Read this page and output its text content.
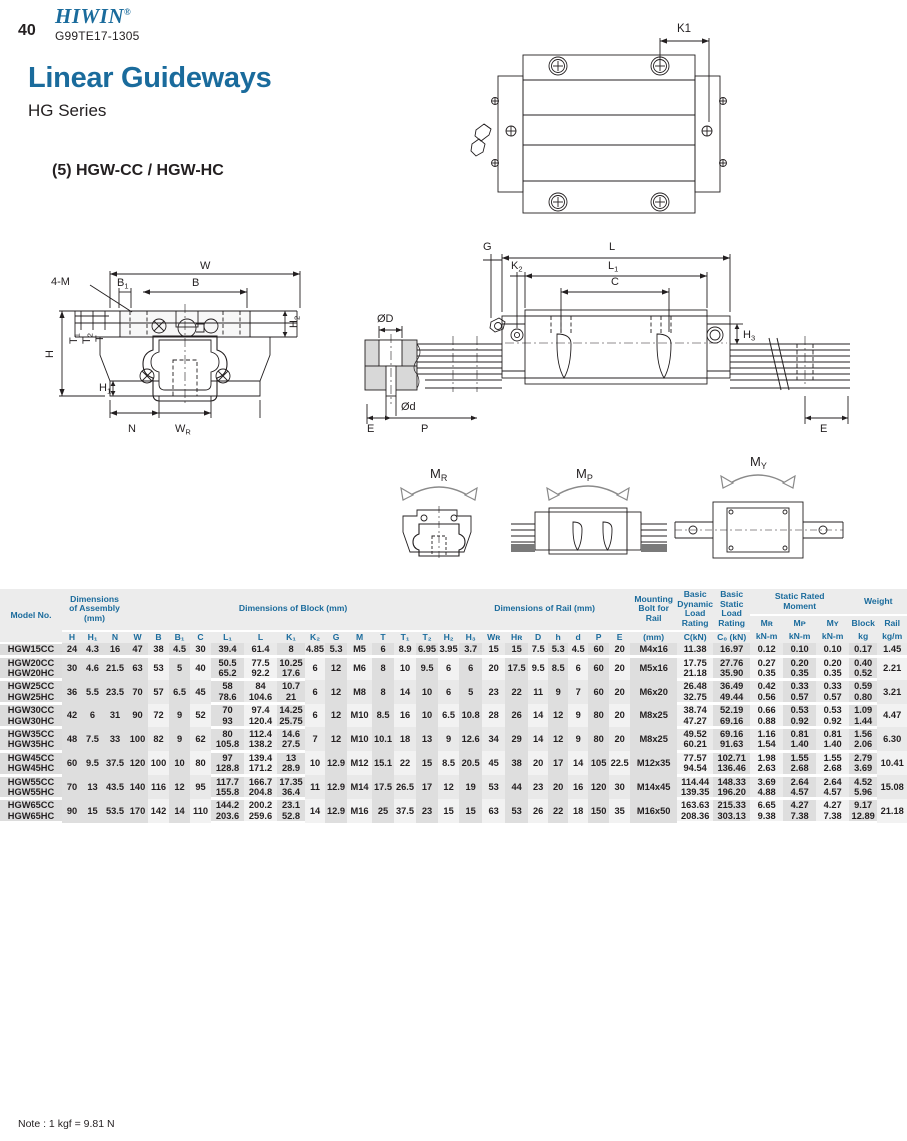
40
HIWIN®
G99TE17-1305
Linear Guideways
HG Series
(5) HGW-CC / HGW-HC
K1
4-M
W
$B_1$	B
$T_1$
$T_2$
T
H
$H_1$
$H_2$
N	$W_R$
G
$K_2$
L
$L_1$
C
$H_3$
ØD
Ød
E	P	E
$M_R$	$M_P$
$M_Y$
Model No.	
Dimensions
of Assembly
(mm)
	Dimensions of Block (mm)	Dimensions of Rail (mm)	
Mounting
Bolt for
Rail

Basic
Dynamic
Load
Rating

Basic
Static
Load
Rating

Static Rated
Moment	Weight
																													Mʀ	Mᴘ	Mʏ	Block	Rail
	H	H₁	N	W	B	B₁	C	L₁	L	K₁	K₂	G	M	T	T₁	T₂	H₂	H₃	Wʀ	Hʀ	D	h	d	P	E	(mm)	C(kN)	C₀ (kN)	kN-m	kN-m	kN-m	kg	kg/m
HGW15CC	24	4.3	16	47	38	4.5	30	39.4	61.4	8	4.85	5.3	M5	6	8.9	6.95	3.95	3.7	15	15	7.5	5.3	4.5	60	20	M4x16	11.38	16.97	0.12	0.10	0.10	0.17	1.45
HGW20CC	30	4.6	21.5	63	53	5	40	50.5	77.5	10.25	6	12	M6	8	10	9.5	6	6	20	17.5	9.5	8.5	6	60	20	M5x16	17.75	27.76	0.27	0.20	0.20	0.40	2.21
HGW20HC								65.2	92.2	17.6																	21.18	35.90	0.35	0.35	0.35	0.52	
HGW25CC	36	5.5	23.5	70	57	6.5	45	58	84	10.7	6	12	M8	8	14	10	6	5	23	22	11	9	7	60	20	M6x20	26.48	36.49	0.42	0.33	0.33	0.59	3.21
HGW25HC								78.6	104.6	21																	32.75	49.44	0.56	0.57	0.57	0.80	
HGW30CC	42	6	31	90	72	9	52	70	97.4	14.25	6	12	M10	8.5	16	10	6.5	10.8	28	26	14	12	9	80	20	M8x25	38.74	52.19	0.66	0.53	0.53	1.09	4.47
HGW30HC								93	120.4	25.75																	47.27	69.16	0.88	0.92	0.92	1.44	
HGW35CC	48	7.5	33	100	82	9	62	80	112.4	14.6	7	12	M10	10.1	18	13	9	12.6	34	29	14	12	9	80	20	M8x25	49.52	69.16	1.16	0.81	0.81	1.56	6.30
HGW35HC								105.8	138.2	27.5																	60.21	91.63	1.54	1.40	1.40	2.06	
HGW45CC	60	9.5	37.5	120	100	10	80	97	139.4	13	10	12.9	M12	15.1	22	15	8.5	20.5	45	38	20	17	14	105	22.5	M12x35	77.57	102.71	1.98	1.55	1.55	2.79	10.41
HGW45HC								128.8	171.2	28.9																	94.54	136.46	2.63	2.68	2.68	3.69	
HGW55CC	70	13	43.5	140	116	12	95	117.7	166.7	17.35	11	12.9	M14	17.5	26.5	17	12	19	53	44	23	20	16	120	30	M14x45	114.44	148.33	3.69	2.64	2.64	4.52	15.08
HGW55HC								155.8	204.8	36.4																	139.35	196.20	4.88	4.57	4.57	5.96	
HGW65CC	90	15	53.5	170	142	14	110	144.2	200.2	23.1	14	12.9	M16	25	37.5	23	15	15	63	53	26	22	18	150	35	M16x50	163.63	215.33	6.65	4.27	4.27	9.17	21.18
HGW65HC								203.6	259.6	52.8																	208.36	303.13	9.38	7.38	7.38	12.89	
Note : 1 kgf = 9.81 N
